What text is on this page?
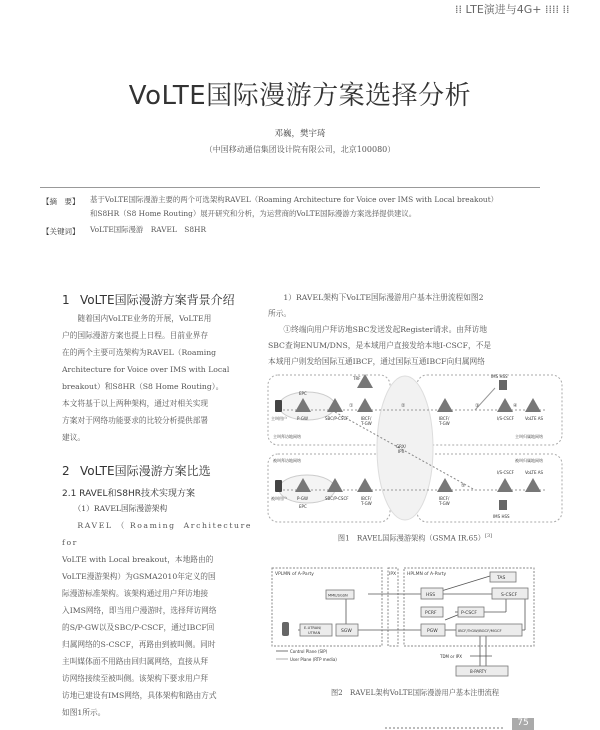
⁞⁞ LTE演进与4G+ ⁞⁞⁞⁞ ⁞⁞
VoLTE国际漫游方案选择分析
邓巍，樊宇琦
（中国移动通信集团设计院有限公司，北京100080）
【摘　要】 基于VoLTE国际漫游主要的两个可选架构RAVEL（Roaming Architecture for Voice over IMS with Local breakout）
和S8HR（S8 Home Routing）展开研究和分析，为运营商的VoLTE国际漫游方案选择提供建议。
【关键词】 VoLTE国际漫游　RAVEL　S8HR
1 VoLTE国际漫游方案背景介绍
随着国内VoLTE业务的开展，VoLTE用
户的国际漫游方案也提上日程。目前业界存
在的两个主要可选架构为RAVEL（Roaming
Architecture for Voice over IMS with Local
breakout）和S8HR（S8 Home Routing）。
本文将基于以上两种架构，通过对相关实现
方案对于网络功能要求的比较分析提供部署
建议。
2 VoLTE国际漫游方案比选
2.1 RAVEL和S8HR技术实现方案
（1）RAVEL国际漫游架构
RAVEL（Roaming Architecture for
VoLTE with Local breakout，本地路由的
VoLTE漫游架构）为GSMA2010年定义的国
际漫游标准架构。该架构通过用户拜访地接
入IMS网络，即当用户漫游时，选择拜访网络
的S/P-GW以及SBC/P-CSCF，通过IBCF回
归属网络的S-CSCF，再路由到被叫侧。同时
主叫媒体面不用路由回归属网络，直接从拜
访网络接续至被叫侧。该架构下要求用户拜
访地已建设有IMS网络，具体架构和路由方式
如图1所示。
1）RAVEL架构下VoLTE国际漫游用户基本注册流程如图2
所示。
①终端向用户拜访地SBC发送发起Register请求。由拜访地
SBC查询ENUM/DNS，是本域用户直接发给本地I-CSCF，不是
本域用户则发给国际互通IBCF，通过国际互通IBCF向归属网络
TRF	IMS HSS
EPC
主叫用户	P-GW	SBC/P-CSCF	IBCF/
T-GW
主叫拜访地网络
IBCF/
T-GW
I/S-CSCF	VoLTE AS
主叫归属地网络
GRX/
IPX
被叫拜访地网络	被叫归属地网络
被叫用户	P-GW
EPC
SBC/P-CSCF	IBCF/
T-GW
IBCF/
T-GW
I/S-CSCF	VoLTE AS
IMS HSS
①	②	③	④
⑤
图1　RAVEL国际漫游架构（GSMA IR.65）[3]
VPLMN of A-Party	IPX HPLMN of A-Party
TAS
MME/SGSN	HSS	S-CSCF
PCRF	P-CSCF
E-UTRAN/
UTRAN	SGW	PGW	IBCF/TrGW/BGCF/MGCF
Control Plane (SIP)
User Plane (RTP media)
TDM or IPX
B-PARTY
图2　RAVEL架构VoLTE国际漫游用户基本注册流程
75
